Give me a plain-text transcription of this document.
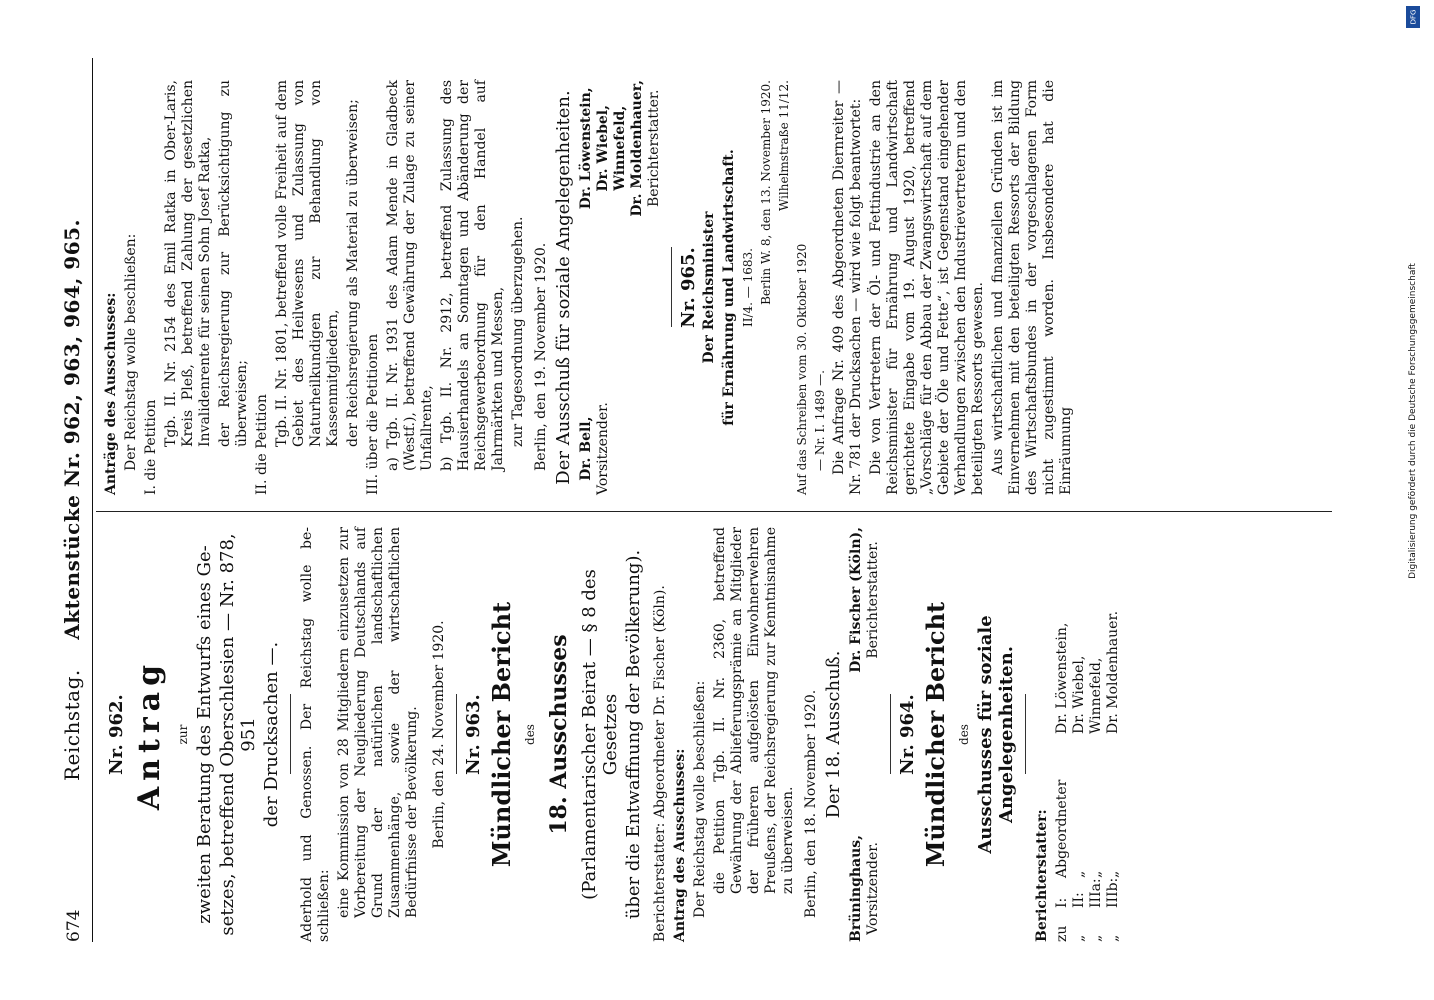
674
Reichstag. Aktenstücke Nr. 962, 963, 964, 965.
Nr. 962. Antrag zur zweiten Beratung des Entwurfs eines Ge- setzes, betreffend Oberschlesien — Nr. 878, 951 der Drucksachen —. Aderhold und Genossen. Der Reichstag wolle be-schließen: eine Kommission von 28 Mitgliedern einzusetzen zur Vorbereitung der Neugliederung Deutschlands auf Grund der natürlichen landschaftlichen Zusammenhänge, sowie der wirtschaftlichen Bedürfnisse der Bevölkerung. Berlin, den 24. November 1920. Nr. 963. Mündlicher Bericht des 18. Ausschusses (Parlamentarischer Beirat — § 8 des Gesetzes über die Entwaffnung der Bevölkerung). Berichterstatter: Abgeordneter Dr. Fischer (Köln). Antrag des Ausschusses: Der Reichstag wolle beschließen: die Petition Tgb. II. Nr. 2360, betreffend Gewährung der Ablieferungsprämie an Mitglieder der früheren aufgelösten Einwohnerwehren Preußens, der Reichsregierung zur Kenntnisnahme zu überweisen. Berlin, den 18. November 1920. Der 18. Ausschuß.
Brüninghaus, Vorsitzender.
Dr. Fischer (Köln), Berichterstatter.
Nr. 964. Mündlicher Bericht des Ausschusses für soziale Angelegenheiten.

Berichterstatter: zu
I:
Abgeordneter
Dr. Löwenstein,
„
II:
„
Dr. Wiebel,
„
IIIa:
„
Winnefeld,
„
IIIb:
„
Dr. Moldenhauer.

Anträge des Ausschusses: Der Reichstag wolle beschließen: I. die Petition

Tgb. II. Nr. 2154 des Emil Ratka in Ober-Laris, Kreis Pleß, betreffend Zahlung der gesetzlichen Invalidenrente für seinen Sohn Josef Ratka, der Reichsregierung zur Berücksichtigung zu überweisen; II. die Petition Tgb. II. Nr. 1801, betreffend volle Freiheit auf dem Gebiet des Heilwesens und Zulassung von Naturheilkundigen zur Behandlung von Kassenmitgliedern, der Reichsregierung als Material zu überweisen; III. über die Petitionen a) Tgb. II. Nr. 1931 des Adam Mende in Gladbeck (Westf.), betreffend Gewährung der Zulage zu seiner Unfallrente, b) Tgb. II. Nr. 2912, betreffend Zulassung des Hausierhandels an Sonntagen und Abänderung der Reichsgewerbeordnung für den Handel auf Jahrmärkten und Messen, zur Tagesordnung überzugehen. Berlin, den 19. November 1920. Der Ausschuß für soziale Angelegenheiten. Dr. Bell, Vorsitzender.
Dr. Löwenstein, Dr. Wiebel, Winnefeld, Dr. Moldenhauer, Berichterstatter.
Nr. 965. Der Reichsminister für Ernährung und Landwirtschaft. II/4. — 1683. Berlin W. 8, den 13. November 1920. Wilhelmstraße 11/12.

Auf das Schreiben vom 30. Oktober 1920 — Nr. I. 1489 —. Die Anfrage Nr. 409 des Abgeordneten Diernreiter — Nr. 781 der Drucksachen — wird wie folgt beantwortet: Die von Vertretern der Öl- und Fettindustrie an den Reichsminister für Ernährung und Landwirtschaft gerichtete Eingabe vom 19. August 1920, betreffend „Vorschläge für den Abbau der Zwangswirtschaft auf dem Gebiete der Öle und Fette“, ist Gegenstand eingehender Verhandlungen zwischen den Industrievertretern und den beteiligten Ressorts gewesen. Aus wirtschaftlichen und finanziellen Gründen ist im Einvernehmen mit den beteiligten Ressorts der Bildung des Wirtschaftsbundes in der vorgeschlagenen Form nicht zugestimmt worden. Insbesondere hat die Einräumung

DFG
Digitalisierung gefördert durch die Deutsche Forschungsgemeinschaft
